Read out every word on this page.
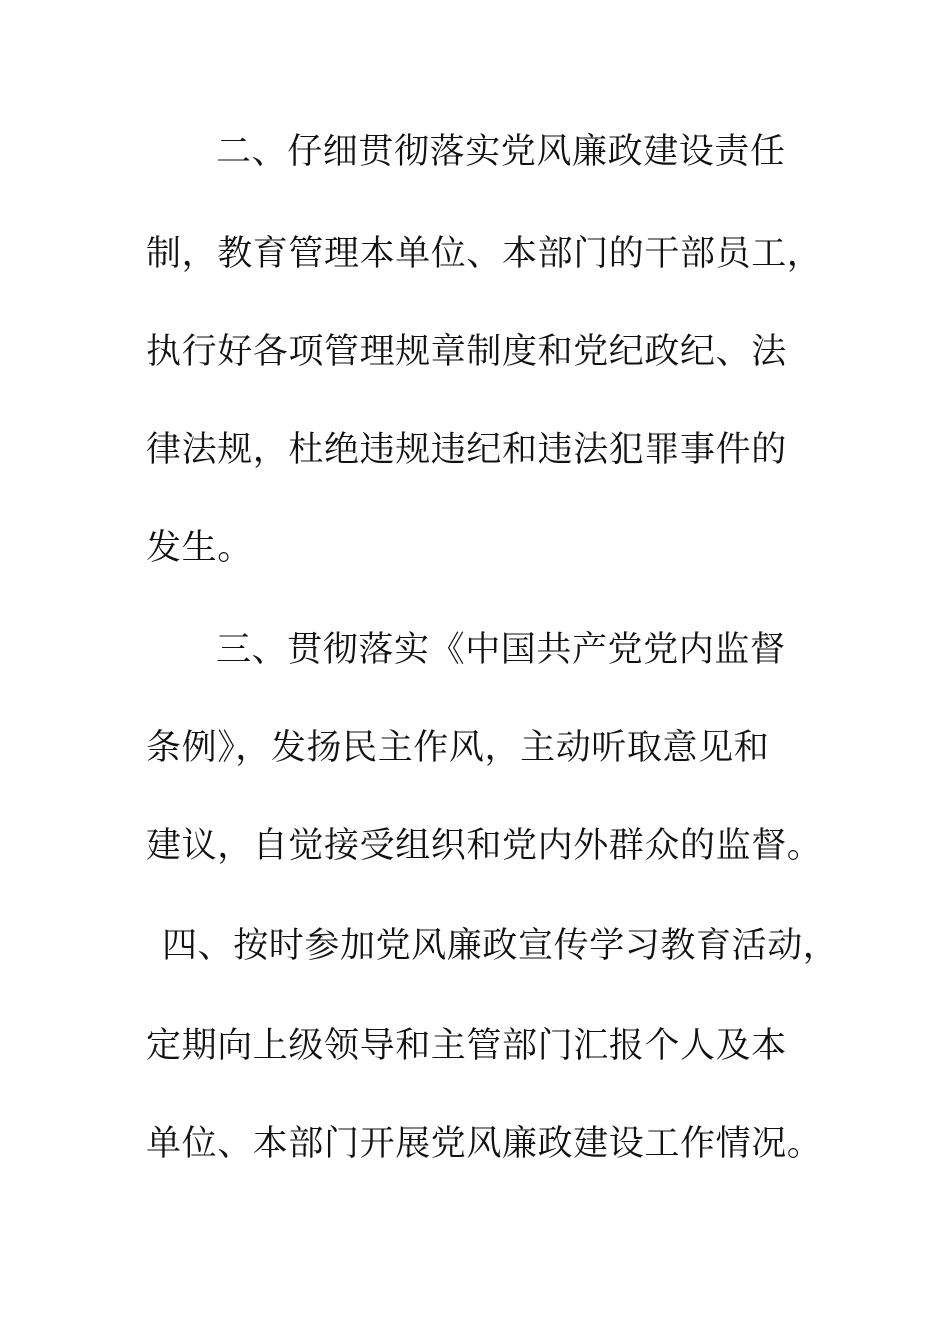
二、仔细贯彻落实党风廉政建设责任
制，教育管理本单位、本部门的干部员工，
执行好各项管理规章制度和党纪政纪、法
律法规，杜绝违规违纪和违法犯罪事件的
发生。
三、贯彻落实《中国共产党党内监督
条例》，发扬民主作风，主动听取意见和
建议，自觉接受组织和党内外群众的监督。
四、按时参加党风廉政宣传学习教育活动，
定期向上级领导和主管部门汇报个人及本
单位、本部门开展党风廉政建设工作情况。
